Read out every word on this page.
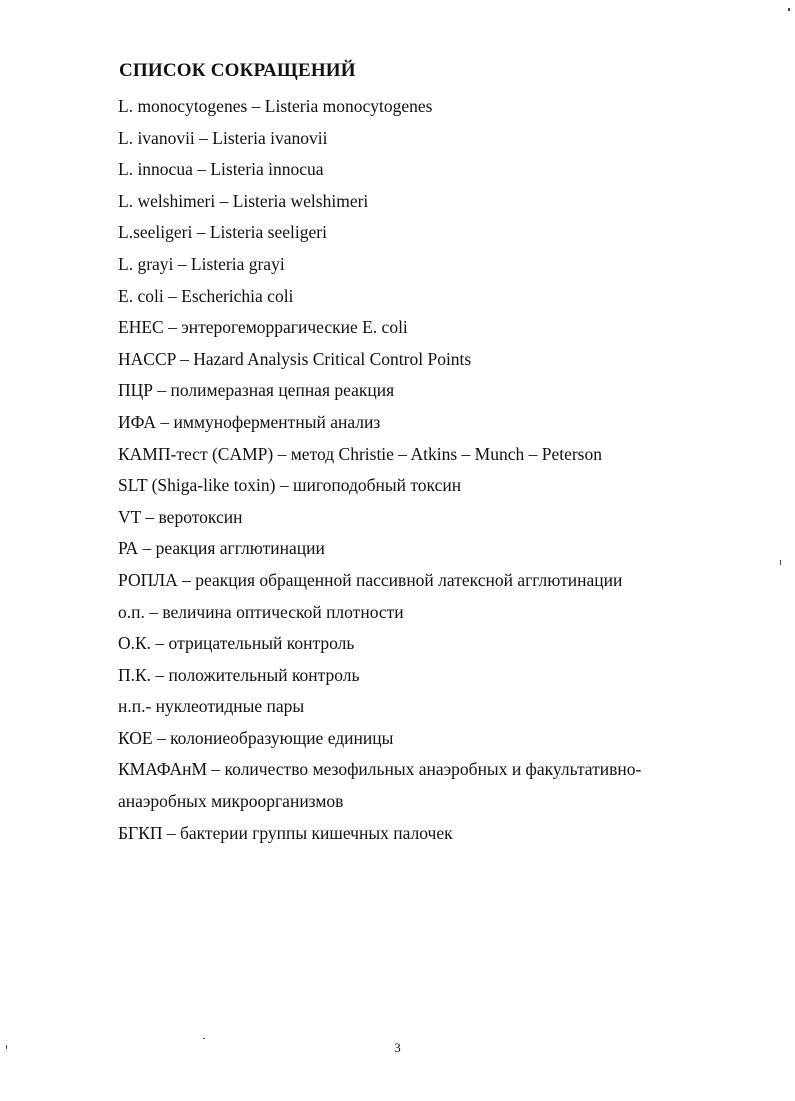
СПИСОК СОКРАЩЕНИЙ
L. monocytogenes – Listeria monocytogenes
L. ivanovii – Listeria ivanovii
L. innocua – Listeria innocua
L. welshimeri – Listeria welshimeri
L.seeligeri – Listeria seeligeri
L. grayi – Listeria grayi
E. coli – Escherichia coli
EHEC – энтерогеморрагические E. coli
HACCP – Hazard Analysis Critical Control Points
ПЦР – полимеразная цепная реакция
ИФА – иммуноферментный анализ
КАМП-тест (CAMP) – метод Christie – Atkins – Munch – Peterson
SLT (Shiga-like toxin) – шигоподобный токсин
VT – веротоксин
РА – реакция агглютинации
РОПЛА – реакция обращенной пассивной латексной агглютинации
о.п. – величина оптической плотности
О.К. – отрицательный контроль
П.К. – положительный контроль
н.п.- нуклеотидные пары
КОЕ – колониеобразующие единицы
КМАФАнМ – количество мезофильных анаэробных и факультативно-
анаэробных микроорганизмов
БГКП – бактерии группы кишечных палочек
3
